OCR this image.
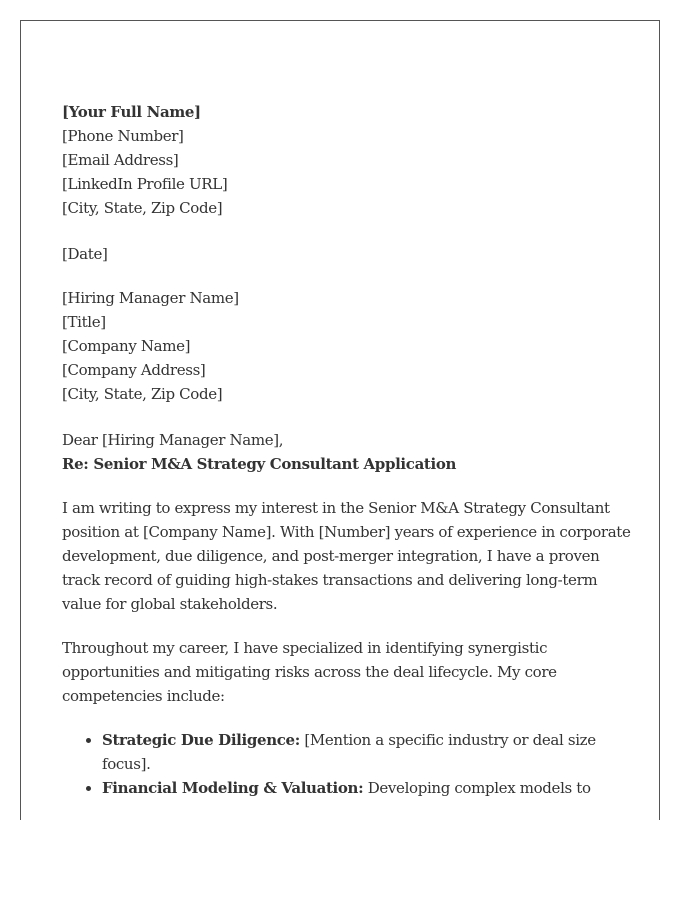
[Your Full Name]
[Phone Number]
[Email Address]
[LinkedIn Profile URL]
[City, State, Zip Code]
[Date]
[Hiring Manager Name]
[Title]
[Company Name]
[Company Address]
[City, State, Zip Code]
Dear [Hiring Manager Name],
Re: Senior M&A Strategy Consultant Application

I am writing to express my interest in the Senior M&A Strategy Consultant position at [Company Name]. With [Number] years of experience in corporate development, due diligence, and post-merger integration, I have a proven track record of guiding high-stakes transactions and delivering long-term value for global stakeholders.

Throughout my career, I have specialized in identifying synergistic opportunities and mitigating risks across the deal lifecycle. My core competencies include:

• Strategic Due Diligence: [Mention a specific industry or deal size focus].
• Financial Modeling & Valuation: Developing complex models to
